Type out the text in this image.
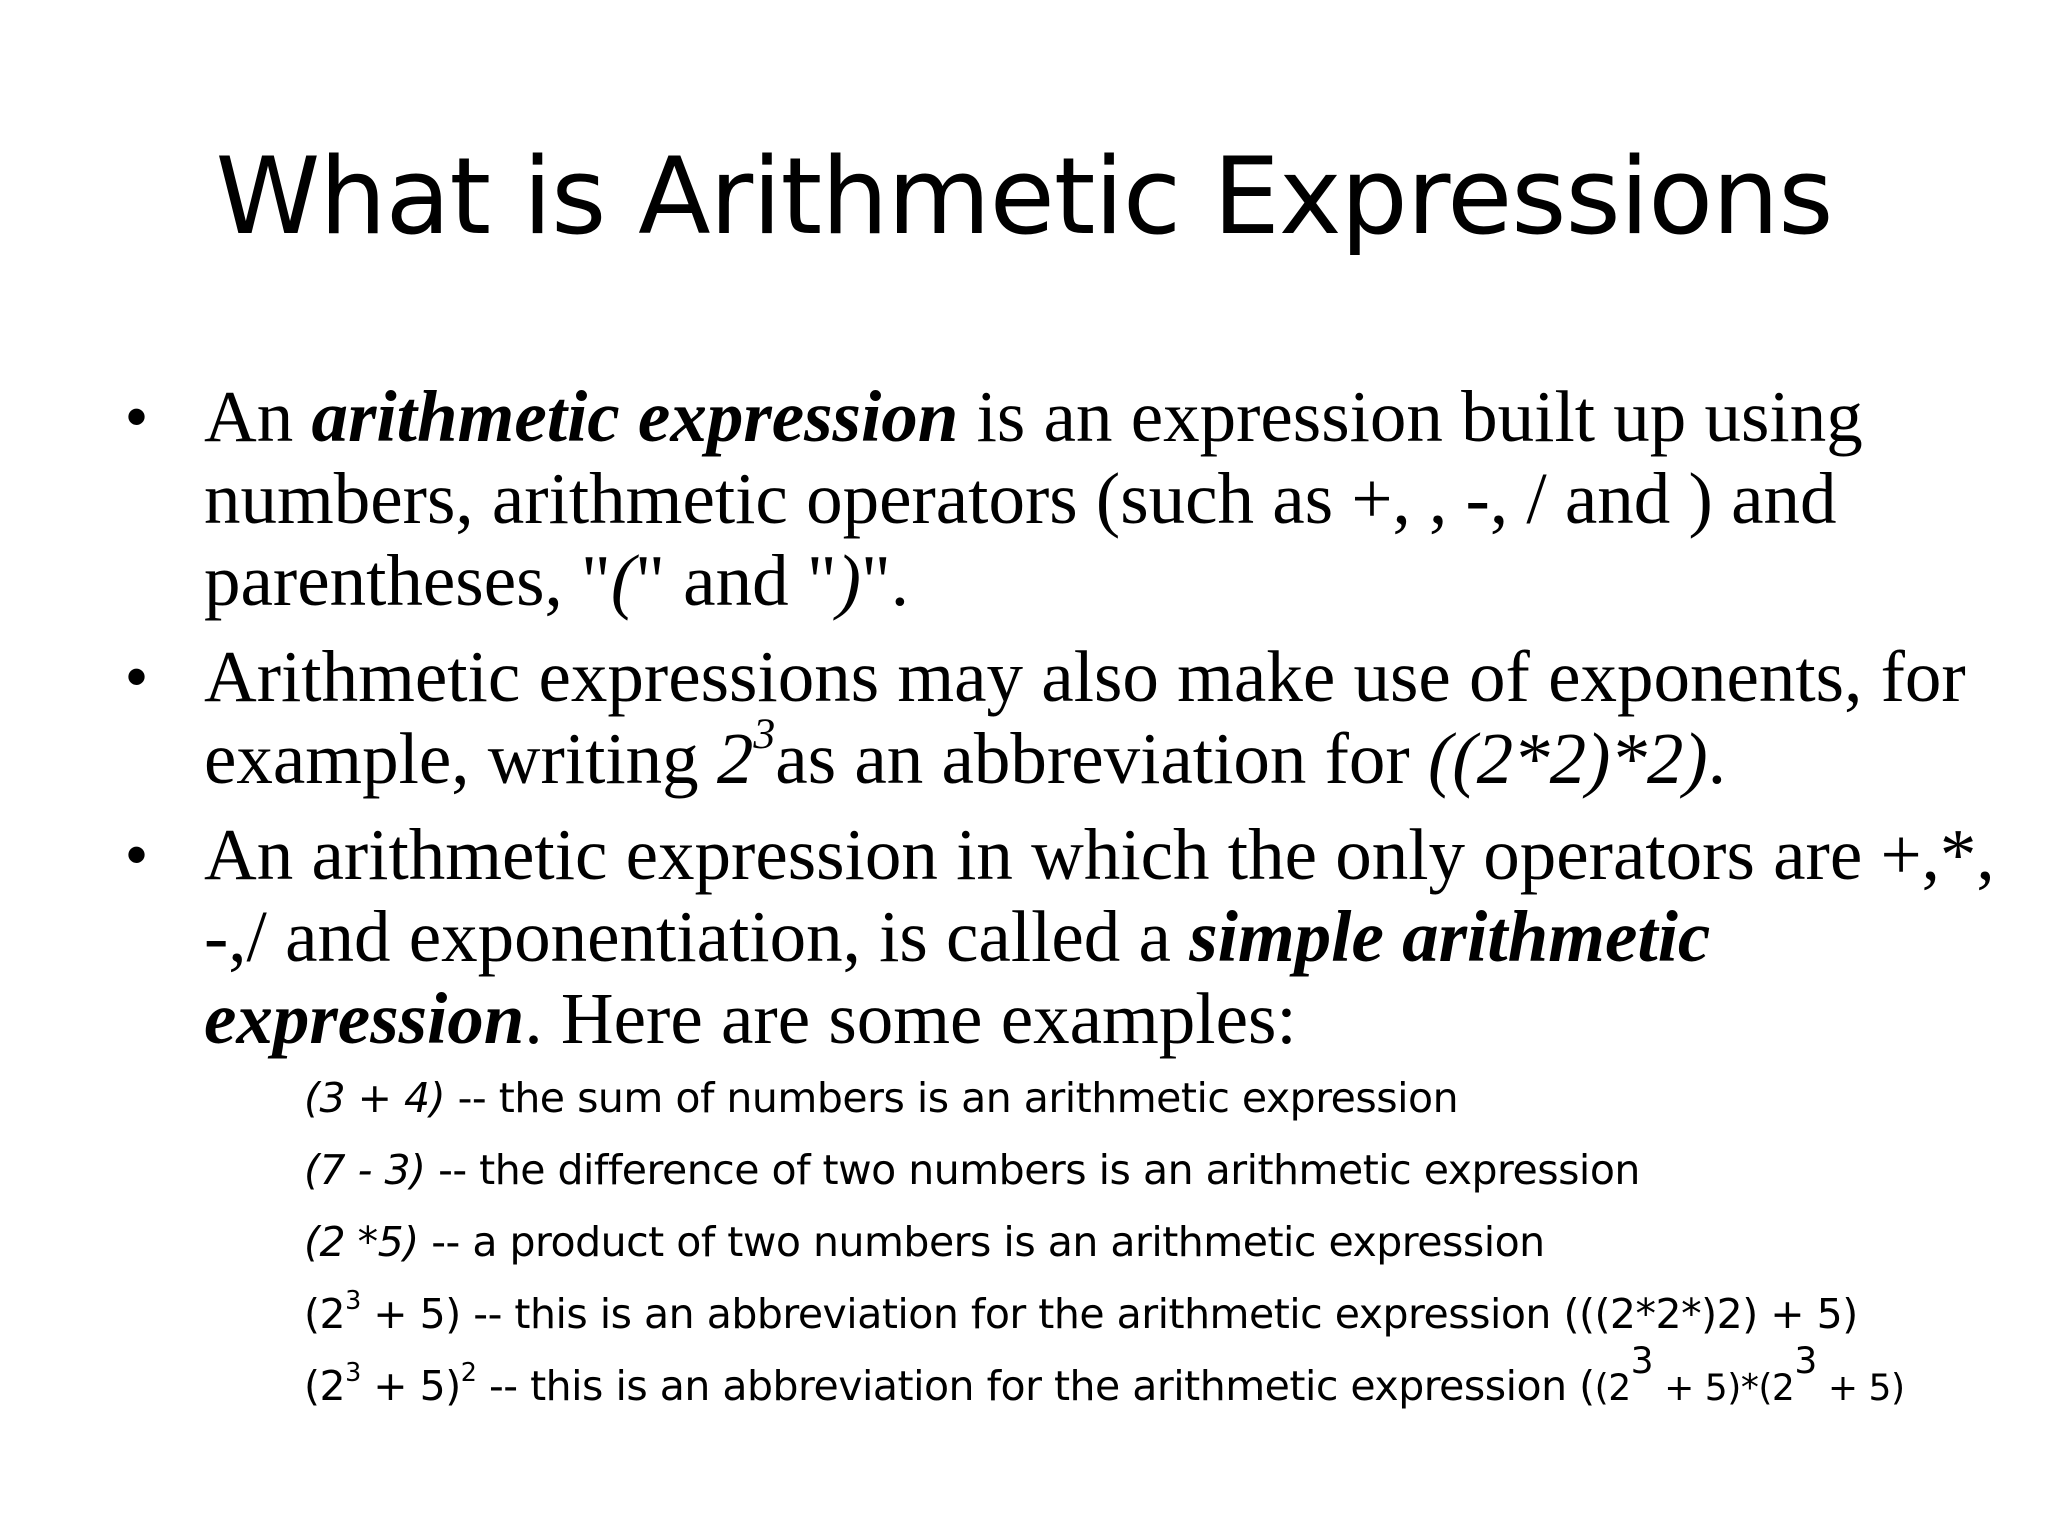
What is Arithmetic Expressions
• An arithmetic expression is an expression built up using numbers, arithmetic operators (such as +, , -, / and ) and parentheses, "(" and ")".
• Arithmetic expressions may also make use of exponents, for example, writing $2^3as$ an abbreviation for ((2*2)*2).
• An arithmetic expression in which the only operators are +,*, -,/ and exponentiation, is called a simple arithmetic expression. Here are some examples:
(3 + 4) -- the sum of numbers is an arithmetic expression
(7 - 3) -- the difference of two numbers is an arithmetic expression
(2 *5) -- a product of two numbers is an arithmetic expression
$(2^3 + 5)$ -- this is an abbreviation for the arithmetic expression (((2*2*)2) + 5)
$(2^3 + 5)^2$ -- this is an abbreviation for the arithmetic expression ($(2^3 + 5)*(2^3 + 5)$
